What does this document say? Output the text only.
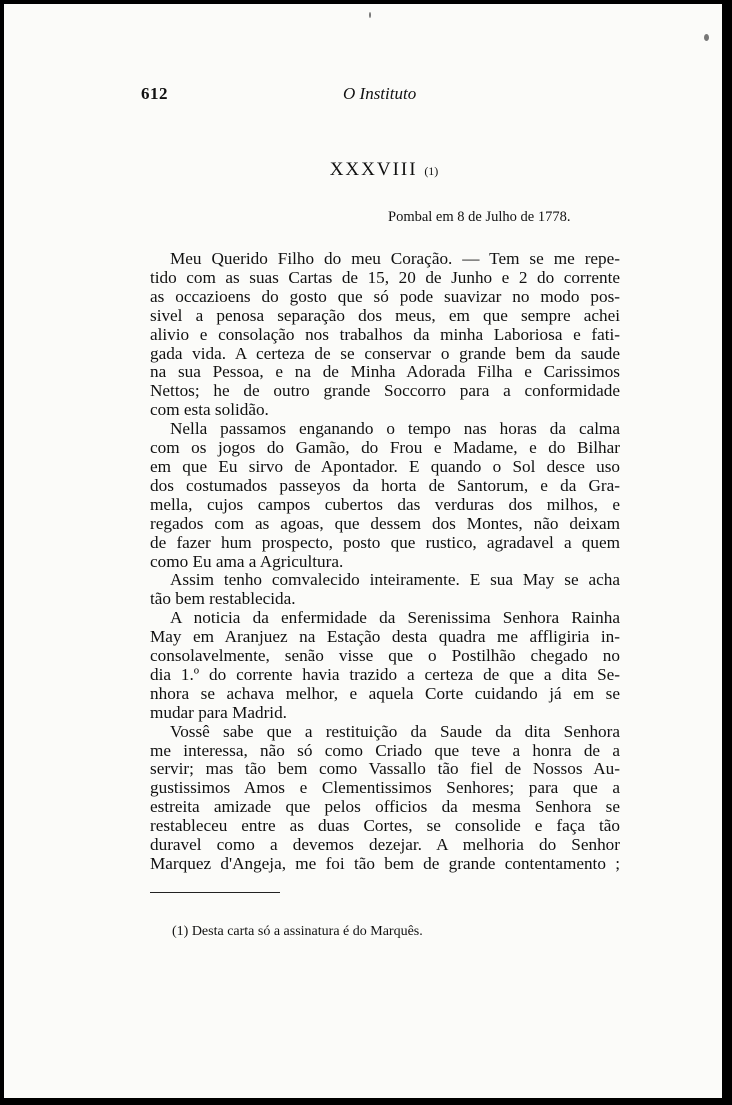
612	O Instituto
XXXVIII (1)
Pombal em 8 de Julho de 1778.
Meu Querido Filho do meu Coração. — Tem se me repe-
tido com as suas Cartas de 15, 20 de Junho e 2 do corrente
as occazioens do gosto que só pode suavizar no modo pos-
sivel a penosa separação dos meus, em que sempre achei
alivio e consolação nos trabalhos da minha Laboriosa e fati-
gada vida. A certeza de se conservar o grande bem da saude
na sua Pessoa, e na de Minha Adorada Filha e Carissimos
Nettos; he de outro grande Soccorro para a conformidade
com esta solidão.
Nella passamos enganando o tempo nas horas da calma
com os jogos do Gamão, do Frou e Madame, e do Bilhar
em que Eu sirvo de Apontador. E quando o Sol desce uso
dos costumados passeyos da horta de Santorum, e da Gra-
mella, cujos campos cubertos das verduras dos milhos, e
regados com as agoas, que dessem dos Montes, não deixam
de fazer hum prospecto, posto que rustico, agradavel a quem
como Eu ama a Agricultura.
Assim tenho comvalecido inteiramente. E sua May se acha
tão bem restablecida.
A noticia da enfermidade da Serenissima Senhora Rainha
May em Aranjuez na Estação desta quadra me affligiria in-
consolavelmente, senão visse que o Postilhão chegado no
dia 1.º do corrente havia trazido a certeza de que a dita Se-
nhora se achava melhor, e aquela Corte cuidando já em se
mudar para Madrid.
Vossê sabe que a restituição da Saude da dita Senhora
me interessa, não só como Criado que teve a honra de a
servir; mas tão bem como Vassallo tão fiel de Nossos Au-
gustissimos Amos e Clementissimos Senhores; para que a
estreita amizade que pelos officios da mesma Senhora se
restableceu entre as duas Cortes, se consolide e faça tão
duravel como a devemos dezejar. A melhoria do Senhor
Marquez d'Angeja, me foi tão bem de grande contentamento ;
(1) Desta carta só a assinatura é do Marquês.
